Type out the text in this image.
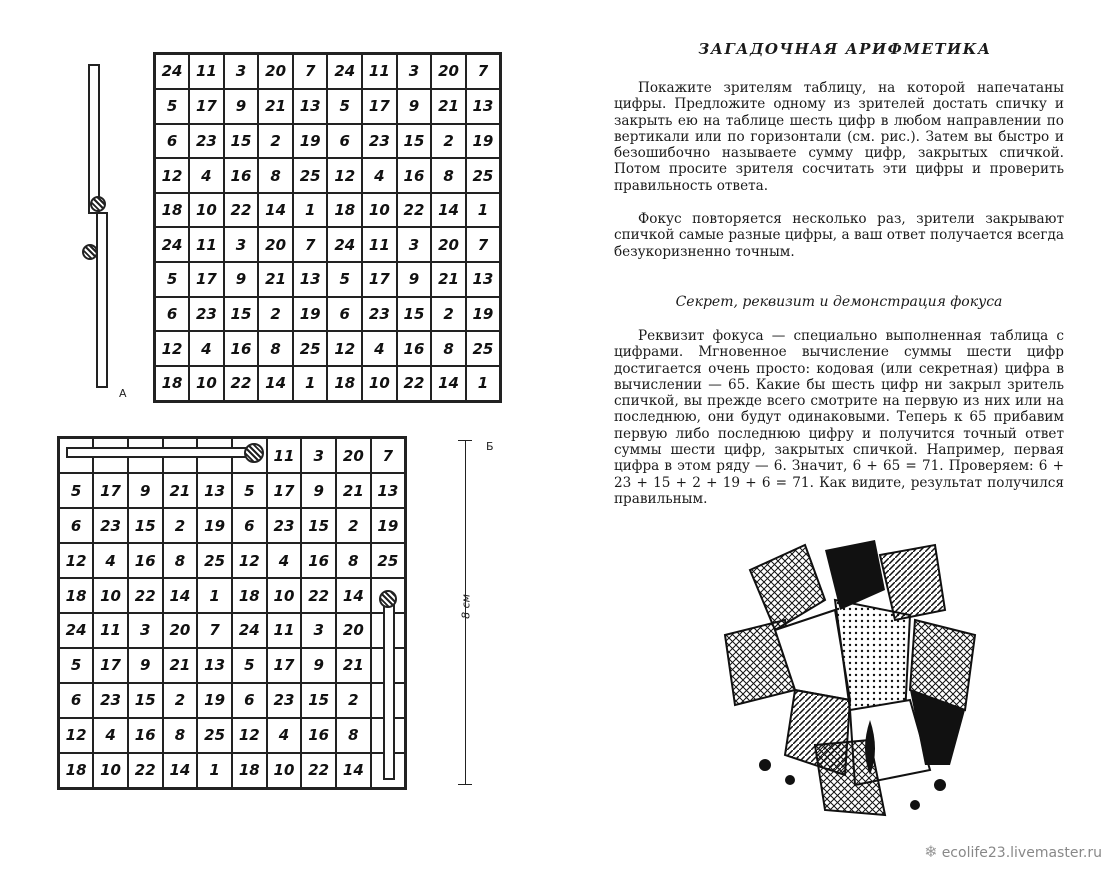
А
24	11	3	20	7	24	11	3	20	7
5	17	9	21	13	5	17	9	21	13
6	23	15	2	19	6	23	15	2	19
12	4	16	8	25	12	4	16	8	25
18	10	22	14	1	18	10	22	14	1
24	11	3	20	7	24	11	3	20	7
5	17	9	21	13	5	17	9	21	13
6	23	15	2	19	6	23	15	2	19
12	4	16	8	25	12	4	16	8	25
18	10	22	14	1	18	10	22	14	1
						11	3	20	7
5	17	9	21	13	5	17	9	21	13
6	23	15	2	19	6	23	15	2	19
12	4	16	8	25	12	4	16	8	25
18	10	22	14	1	18	10	22	14	
24	11	3	20	7	24	11	3	20	
5	17	9	21	13	5	17	9	21	
6	23	15	2	19	6	23	15	2	
12	4	16	8	25	12	4	16	8	
18	10	22	14	1	18	10	22	14	
8 см
Б
ЗАГАДОЧНАЯ АРИФМЕТИКА

Покажите зрителям таблицу, на которой напечатаны цифры. Предложите одному из зрителей достать спичку и закрыть ею на таблице шесть цифр в любом направлении по вертикали или по горизонтали (см. рис.). Затем вы быстро и безошибочно называете сумму цифр, закрытых спичкой. Потом просите зрителя сосчитать эти цифры и проверить правильность ответа.

Фокус повторяется несколько раз, зрители закрывают спичкой самые разные цифры, а ваш ответ получается всегда безукоризненно точным.

Секрет, реквизит и демонстрация фокуса

Реквизит фокуса — специально выполненная таблица с цифрами. Мгновенное вычисление суммы шести цифр достигается очень просто: кодовая (или секретная) цифра в вычислении — 65. Какие бы шесть цифр ни закрыл зритель спичкой, вы прежде всего смотрите на первую из них или на последнюю, они будут одинаковыми. Теперь к 65 прибавим первую либо последнюю цифру и получится точный ответ суммы шести цифр, закрытых спичкой. Например, первая цифра в этом ряду — 6. Значит, 6 + 65 = 71. Проверяем: 6 + 23 + 15 + 2 + 19 + 6 = 71. Как видите, результат получился правильным.

❄ ecolife23.livemaster.ru
